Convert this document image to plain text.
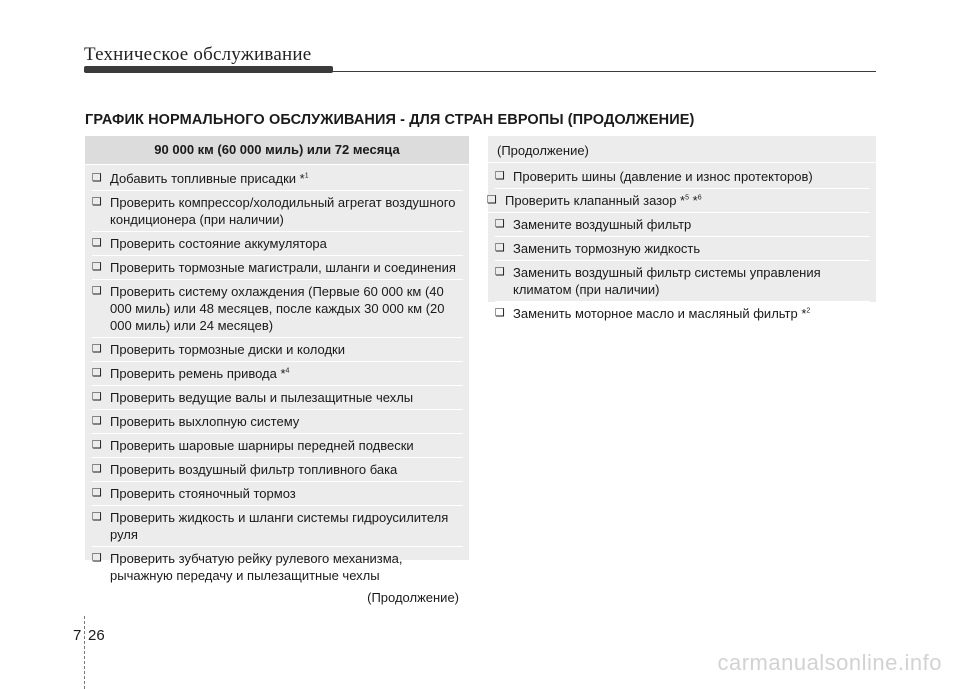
Техническое обслуживание
ГРАФИК НОРМАЛЬНОГО ОБСЛУЖИВАНИЯ - ДЛЯ СТРАН ЕВРОПЫ (ПРОДОЛЖЕНИЕ)
90 000 км (60 000 миль) или 72 месяца
❑ Добавить топливные присадки *$^1$
❑ Проверить компрессор/холодильный агрегат воздушного кондиционера (при наличии)
❑ Проверить состояние аккумулятора
❑ Проверить тормозные магистрали, шланги и соединения
❑ Проверить систему охлаждения (Первые 60 000 км (40 000 миль) или 48 месяцев, после каждых 30 000 км (20 000 миль) или 24 месяцев)
❑ Проверить тормозные диски и колодки
❑ Проверить ремень привода *$^4$
❑ Проверить ведущие валы и пылезащитные чехлы
❑ Проверить выхлопную систему
❑ Проверить шаровые шарниры передней подвески
❑ Проверить воздушный фильтр топливного бака
❑ Проверить стояночный тормоз
❑ Проверить жидкость и шланги системы гидроусилителя руля
❑ Проверить зубчатую рейку рулевого механизма, рычажную передачу и пылезащитные чехлы
(Продолжение)
(Продолжение)
❑ Проверить шины (давление и износ протекторов)
❑ Проверить клапанный зазор *$^5$ *$^6$
❑ Замените воздушный фильтр
❑ Заменить тормозную жидкость
❑ Заменить воздушный фильтр системы управления климатом (при наличии)
❑ Заменить моторное масло и масляный фильтр *$^2$
7 26
carmanualsonline.info
